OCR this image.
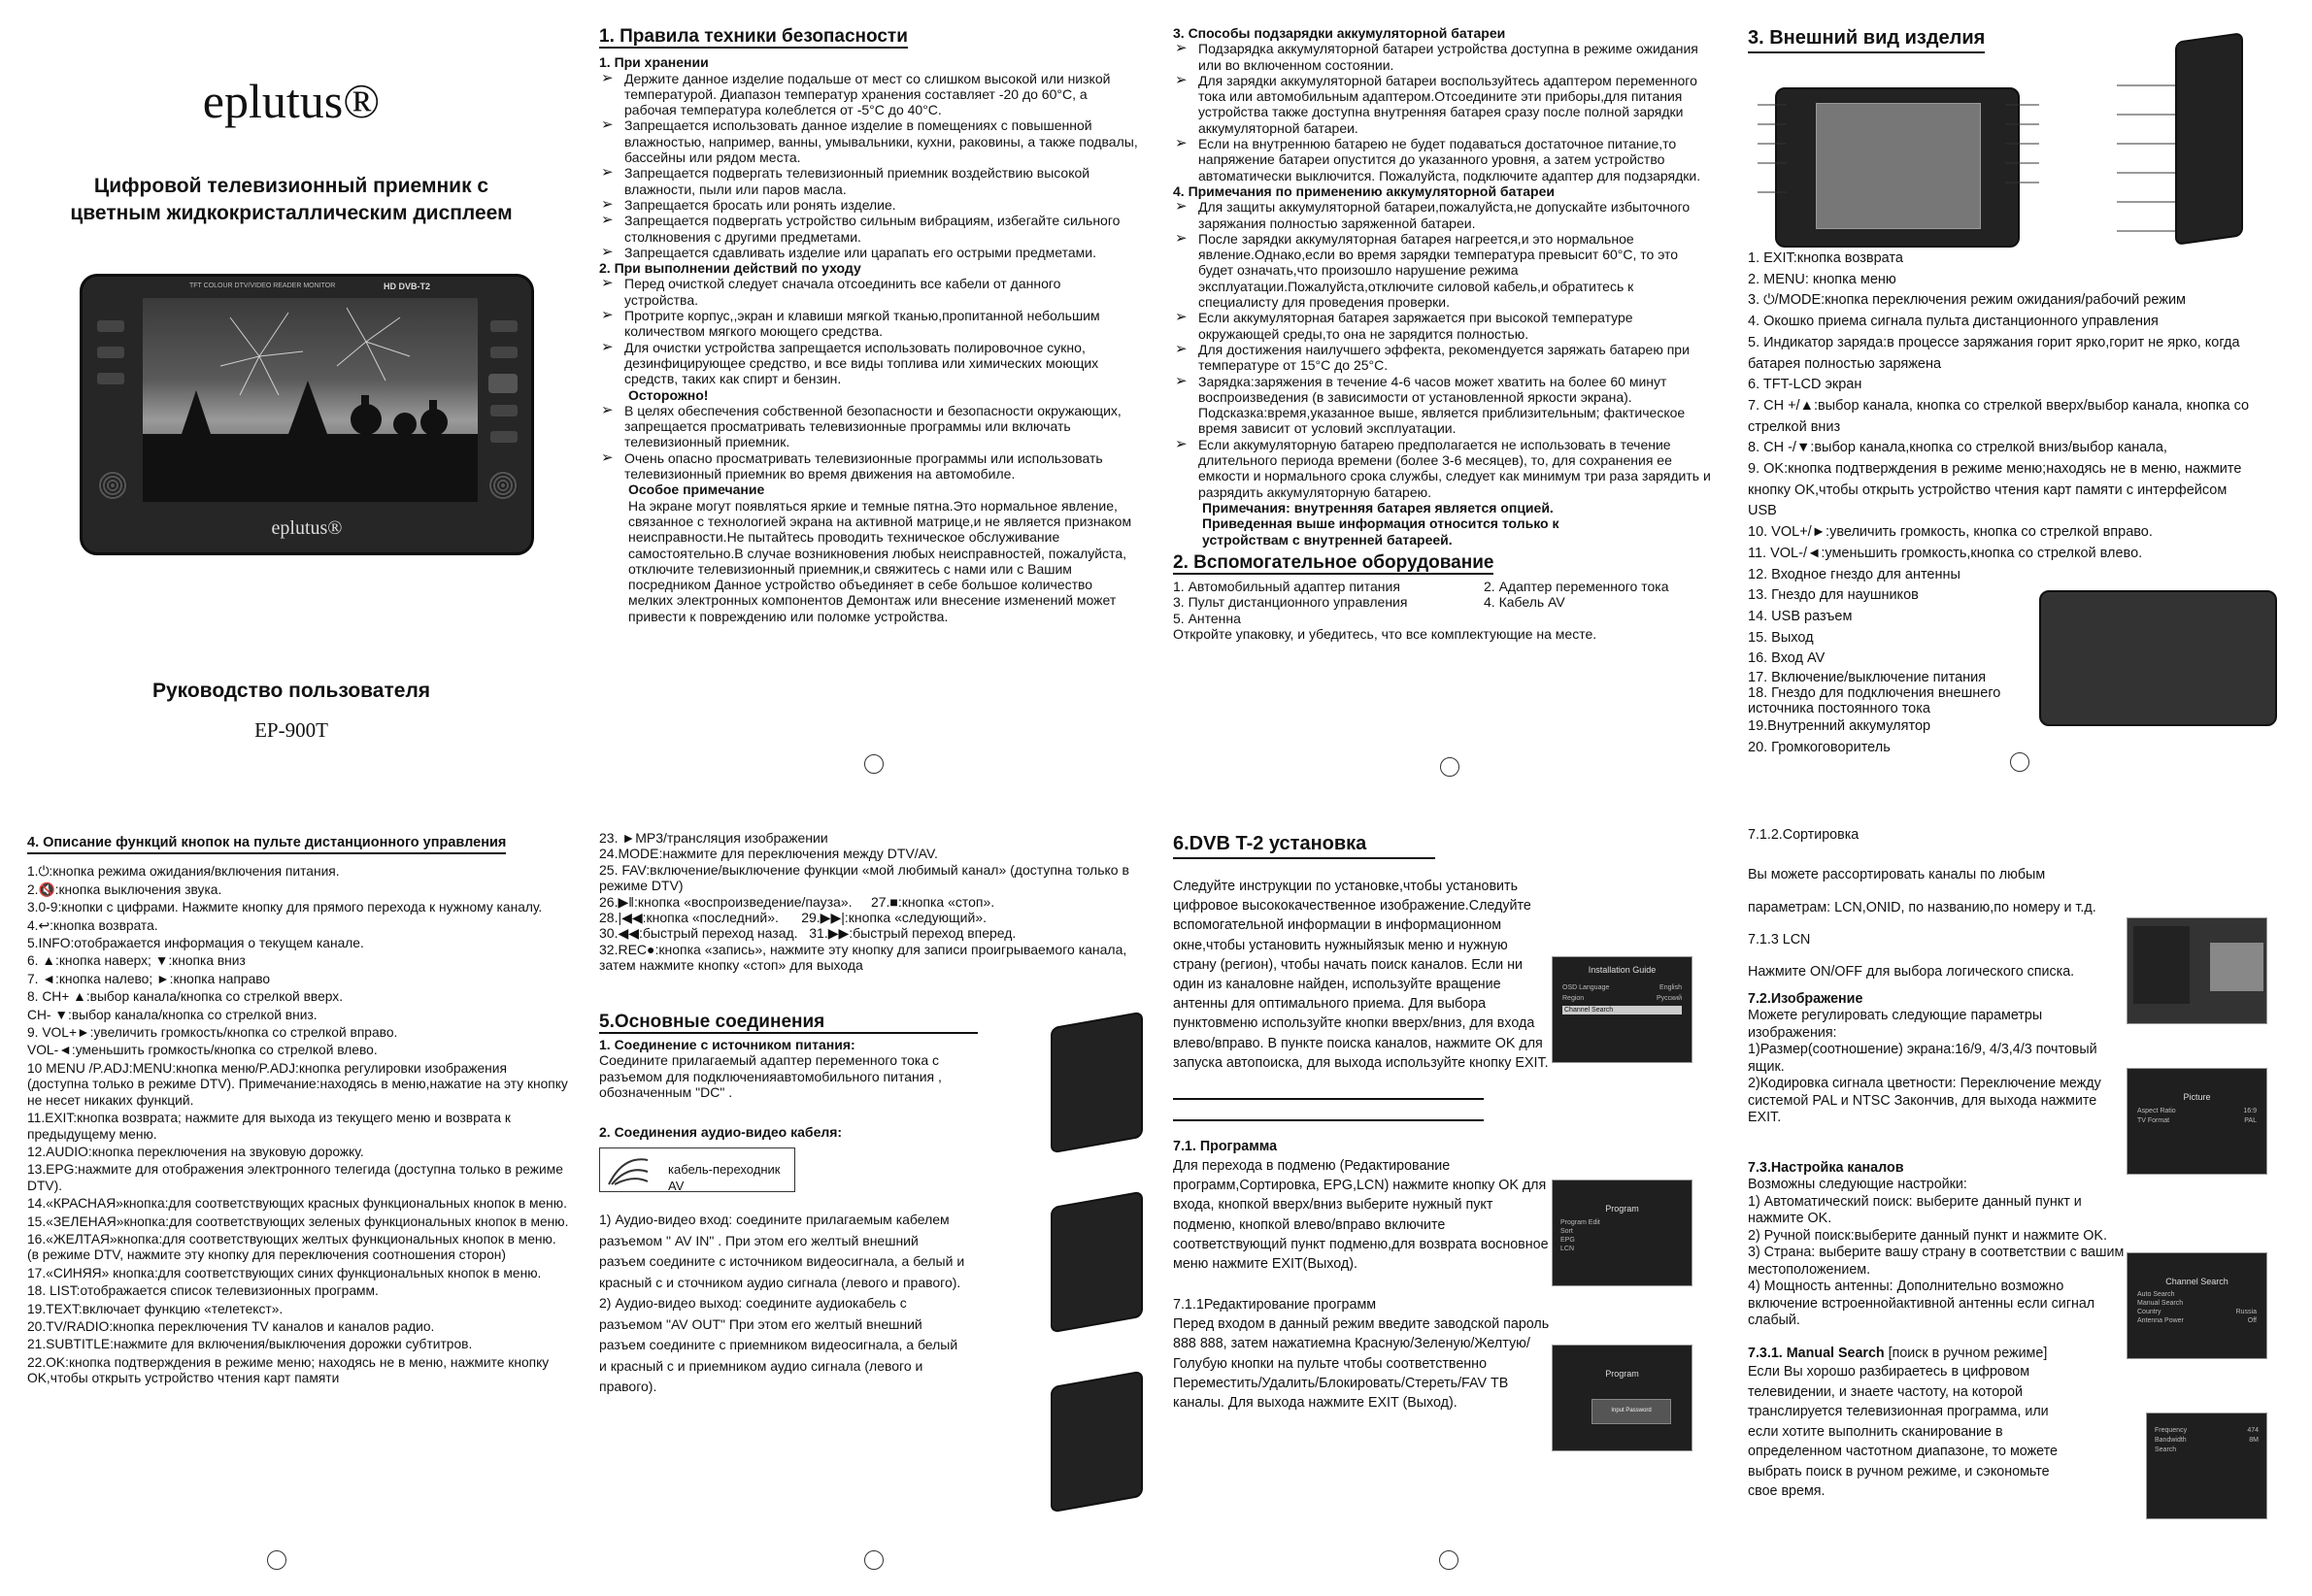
eplutus®
Цифровой телевизионный приемник с цветным жидкокристаллическим дисплеем
TFT COLOUR DTV/VIDEO READER MONITOR	HD DVB-T2
eplutus®
Руководство пользователя
EP-900T
1. Правила техники безопасности
1. При хранении
➢ Держите данное изделие подальше от мест со слишком высокой или низкой температурой. Диапазон температур хранения составляет -20 до 60°C, а рабочая температура колеблется от -5°C до 40°C.
➢ Запрещается использовать данное изделие в помещениях с повышенной влажностью, например, ванны, умывальники, кухни, раковины, а также подвалы, бассейны или рядом места.
➢ Запрещается подвергать телевизионный приемник воздействию высокой влажности, пыли или паров масла.
➢ Запрещается бросать или ронять изделие.
➢ Запрещается подвергать устройство сильным вибрациям, избегайте сильного столкновения с другими предметами.
➢ Запрещается сдавливать изделие или царапать его острыми предметами.
2. При выполнении действий по уходу
➢ Перед очисткой следует сначала отсоединить все кабели от данного устройства.
➢ Протрите корпус,,экран и клавиши мягкой тканью,пропитанной небольшим количеством мягкого моющего средства.
➢ Для очистки устройства запрещается использовать полировочное сукно, дезинфицирующее средство, и все виды топлива или химических моющих средств, таких как спирт и бензин.
Осторожно!
➢ В целях обеспечения собственной безопасности и безопасности окружающих, запрещается просматривать телевизионные программы или включать телевизионный приемник.
➢ Очень опасно просматривать телевизионные программы или использовать телевизионный приемник во время движения на автомобиле.
Особое примечание
На экране могут появляться яркие и темные пятна.Это нормальное явление, связанное с технологией экрана на активной матрице,и не является признаком неисправности.Не пытайтесь проводить техническое обслуживание самостоятельно.В случае возникновения любых неисправностей, пожалуйста, отключите телевизионный приемник,и свяжитесь с нами или с Вашим посредником Данное устройство объединяет в себе большое количество мелких электронных компонентов Демонтаж или внесение изменений может привести к повреждению или поломке устройства.
3. Способы подзарядки аккумуляторной батареи
➢ Подзарядка аккумуляторной батареи устройства доступна в режиме ожидания или во включенном состоянии.
➢ Для зарядки аккумуляторной батареи воспользуйтесь адаптером переменного тока или автомобильным адаптером.Отсоедините эти приборы,для питания устройства также доступна внутренняя батарея сразу после полной зарядки аккумуляторной батареи.
➢ Если на внутреннюю батарею не будет подаваться достаточное питание,то напряжение батареи опустится до указанного уровня, а затем устройство автоматически выключится. Пожалуйста, подключите адаптер для подзарядки.
4. Примечания по применению аккумуляторной батареи
➢ Для защиты аккумуляторной батареи,пожалуйста,не допускайте избыточного заряжания полностью заряженной батареи.
➢ После зарядки аккумуляторная батарея нагреется,и это нормальное явление.Однако,если во время зарядки температура превысит 60°C, то это будет означать,что произошло нарушение режима эксплуатации.Пожалуйста,отключите силовой кабель,и обратитесь к специалисту для проведения проверки.
➢ Если аккумуляторная батарея заряжается при высокой температуре окружающей среды,то она не зарядится полностью.
➢ Для достижения наилучшего эффекта, рекомендуется заряжать батарею при температуре от 15°C до 25°C.
➢ Зарядка:заряжения в течение 4-6 часов может хватить на более 60 минут воспроизведения (в зависимости от установленной яркости экрана). Подсказка:время,указанное выше, является приблизительным; фактическое время зависит от условий эксплуатации.
➢ Если аккумуляторную батарею предполагается не использовать в течение длительного периода времени (более 3-6 месяцев), то, для сохранения ее емкости и нормального срока службы, следует как минимум три раза зарядить и разрядить аккумуляторную батарею.
Примечания: внутренняя батарея является опцией. Приведенная выше информация относится только к устройствам с внутренней батареей.
2. Вспомогательное оборудование
1. Автомобильный адаптер питания	2. Адаптер переменного тока
3. Пульт дистанционного управления	4. Кабель AV
5. Антенна
Откройте упаковку, и убедитесь, что все комплектующие на месте.
3. Внешний вид изделия
1. EXIT:кнопка возврата
2. MENU: кнопка меню
3. ⏻/MODE:кнопка переключения режим ожидания/рабочий режим
4. Окошко приема сигнала пульта дистанционного управления
5. Индикатор заряда:в процессе заряжания горит ярко,горит не ярко, когда батарея полностью заряжена
6. TFT-LCD экран
7. CH +/▲:выбор канала, кнопка со стрелкой вверх/выбор канала, кнопка со стрелкой вниз
8. CH -/▼:выбор канала,кнопка со стрелкой вниз/выбор канала,
9. OK:кнопка подтверждения в режиме меню;находясь не в меню, нажмите кнопку OK,чтобы открыть устройство чтения карт памяти с интерфейсом USB
10. VOL+/►:увеличить громкость, кнопка со стрелкой вправо.
11. VOL-/◄:уменьшить громкость,кнопка со стрелкой влево.
12. Входное гнездо для антенны
13. Гнездо для наушников
14. USB разъем
15. Выход
16. Вход AV
17. Включение/выключение питания
18. Гнездо для подключения внешнего источника постоянного тока
19.Внутренний аккумулятор
20. Громкоговоритель
4. Описание функций кнопок на пульте дистанционного управления
1.⏻:кнопка режима ожидания/включения питания.
2.🔇:кнопка выключения звука.
3.0-9:кнопки с цифрами. Нажмите кнопку для прямого перехода к нужному каналу.
4.↩:кнопка возврата.
5.INFO:отображается информация о текущем канале.
6. ▲:кнопка наверх; ▼:кнопка вниз
7. ◄:кнопка налево; ►:кнопка направо
8. CH+ ▲:выбор канала/кнопка со стрелкой вверх.
CH- ▼:выбор канала/кнопка со стрелкой вниз.
9. VOL+►:увеличить громкость/кнопка со стрелкой вправо.
VOL-◄:уменьшить громкость/кнопка со стрелкой влево.
10 MENU /P.ADJ:MENU:кнопка меню/P.ADJ:кнопка регулировки изображения (доступна только в режиме DTV). Примечание:находясь в меню,нажатие на эту кнопку не несет никаких функций.
11.EXIT:кнопка возврата; нажмите для выхода из текущего меню и возврата к предыдущему меню.
12.AUDIO:кнопка переключения на звуковую дорожку.
13.EPG:нажмите для отображения электронного телегида (доступна только в режиме DTV).
14.«КРАСНАЯ»кнопка:для соответствующих красных функциональных кнопок в меню.
15.«ЗЕЛЕНАЯ»кнопка:для соответствующих зеленых функциональных кнопок в меню.
16.«ЖЕЛТАЯ»кнопка:для соответствующих желтых функциональных кнопок в меню. (в режиме DTV, нажмите эту кнопку для переключения соотношения сторон)
17.«СИНЯЯ» кнопка:для соответствующих синих функциональных кнопок в меню.
18. LIST:отображается список телевизионных программ.
19.TEXT:включает функцию «телетекст».
20.TV/RADIO:кнопка переключения TV каналов и каналов радио.
21.SUBTITLE:нажмите для включения/выключения дорожки субтитров.
22.OK:кнопка подтверждения в режиме меню; находясь не в меню, нажмите кнопку OK,чтобы открыть устройство чтения карт памяти
23. ►MP3/трансляция изображении
24.MODE:нажмите для переключения между DTV/AV.
25. FAV:включение/выключение функции «мой любимый канал» (доступна только в режиме DTV)
26.▶‖:кнопка «воспроизведение/пауза».     27.■:кнопка «стоп».
28.|◀◀:кнопка «последний».      29.▶▶|:кнопка «следующий».
30.◀◀:быстрый переход назад.   31.▶▶:быстрый переход вперед.
32.REC●:кнопка «запись», нажмите эту кнопку для записи проигрываемого канала, затем нажмите кнопку «стоп» для выхода
5.Основные соединения
1. Соединение с источником питания:
Соедините прилагаемый адаптер переменного тока с разъемом для подключенияавтомобильного питания , обозначенным "DC" .
2. Соединения аудио-видео кабеля:
кабель-переходник AV
1) Аудио-видео вход: соедините прилагаемым кабелем разъемом " AV IN" . При этом его желтый внешний разъем соедините с источником видеосигнала, а белый и красный с и сточником аудио сигнала (левого и правого).
2) Аудио-видео выход: соедините аудиокабель с разъемом "AV OUT" При этом его желтый внешний разъем соедините с приемником видеосигнала, а белый и красный с и приемником аудио сигнала (левого и правого).
6.DVB T-2 установка
Следуйте инструкции по установке,чтобы установить цифровое высококачественное изображение.Следуйте вспомогательной информации в информационном окне,чтобы установить нужныйязык меню и нужную страну (регион), чтобы начать поиск каналов. Если ни один из каналовне найден, используйте вращение антенны для оптимального приема. Для выбора пунктовменю используйте кнопки вверх/вниз, для входа влево/вправо. В пункте поиска каналов, нажмите OK для запуска автопоиска, для выхода используйте кнопку EXIT.
7.1. Программа
Для перехода в подменю (Редактирование программ,Сортировка, EPG,LCN) нажмите кнопку OK для входа, кнопкой вверх/вниз выберите нужный пукт подменю, кнопкой влево/вправо включите соответствующий пункт подменю,для возврата восновное меню нажмите EXIT(Выход).
7.1.1Редактирование программ
Перед входом в данный режим введите заводской пароль 888 888, затем нажатиемна Красную/Зеленую/Желтую/ Голубую кнопки на пульте чтобы соответственно Переместить/Удалить/Блокировать/Стереть/FAV ТВ каналы. Для выхода нажмите EXIT (Выход).
Installation Guide
OSD Language	English
Region	Русский
Channel Search
Program
Program Edit
Sort
EPG
LCN
Program
Input Password
7.1.2.Сортировка
Вы можете рассортировать каналы по любым параметрам: LCN,ONID, по названию,по номеру и т.д.
7.1.3 LCN
Нажмите ON/OFF для выбора логического списка.
7.2.Изображение
Можете регулировать следующие параметры изображения:
1)Размер(соотношение) экрана:16/9, 4/3,4/3 почтовый ящик.
2)Кодировка сигнала цветности: Переключение между системой PAL и NTSC Закончив, для выхода нажмите EXIT.
7.3.Настройка каналов
Возможны следующие настройки:
1) Автоматический поиск: выберите данный пункт и нажмите OK.
2) Ручной поиск:выберите данный пункт и нажмите OK.
3) Страна: выберите вашу страну в соответствии с вашим местоположением.
4) Мощность антенны: Дополнительно возможно включение встроеннойактивной антенны если сигнал слабый.
7.3.1. Manual Search [поиск в ручном режиме]
Если Вы хорошо разбираетесь в цифровом телевидении, и знаете частоту, на которой транслируется телевизионная программа, или если хотите выполнить сканирование в определенном частотном диапазоне, то можете выбрать поиск в ручном режиме, и сэкономьте свое время.
Picture
Aspect Ratio	16:9
TV Format	PAL
Channel Search
Auto Search
Manual Search
Country	Russia
Antenna Power	Off
Frequency	474
Bandwidth	8M
Search
